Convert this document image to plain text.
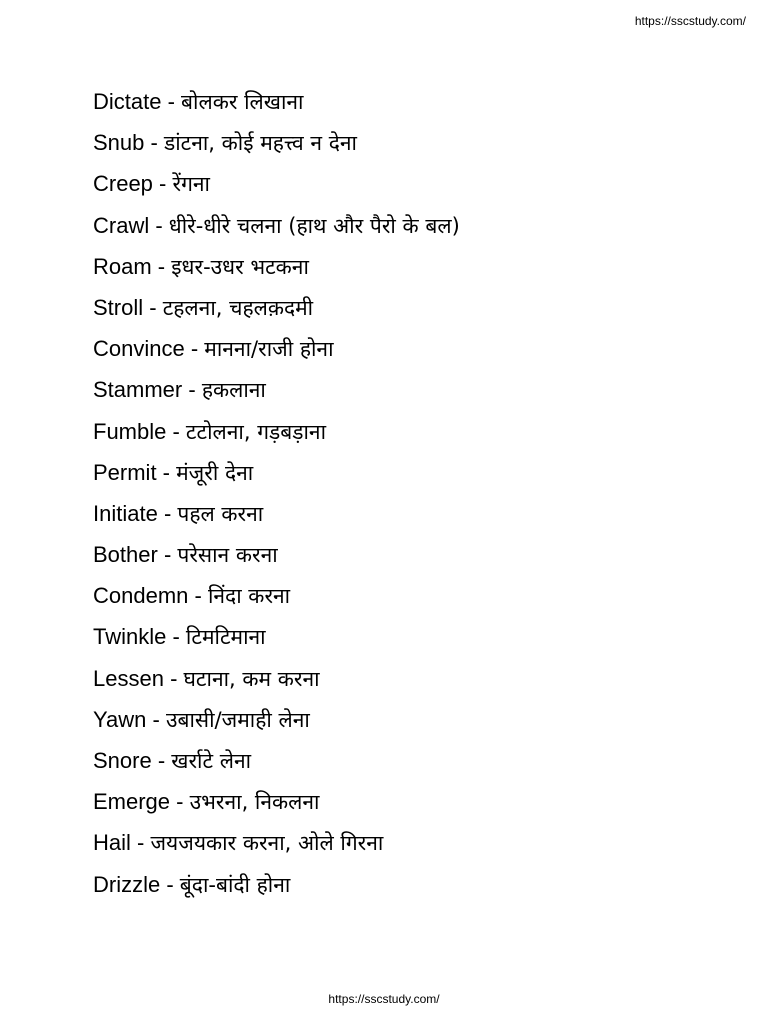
https://sscstudy.com/
Dictate - बोलकर लिखाना
Snub - डांटना, कोई महत्त्व न देना
Creep - रेंगना
Crawl - धीरे-धीरे चलना (हाथ और पैरो के बल)
Roam - इधर-उधर भटकना
Stroll - टहलना, चहलक़दमी
Convince - मानना/राजी होना
Stammer - हकलाना
Fumble - टटोलना, गड़बड़ाना
Permit - मंजूरी देना
Initiate - पहल करना
Bother - परेसान करना
Condemn - निंदा करना
Twinkle - टिमटिमाना
Lessen - घटाना, कम करना
Yawn - उबासी/जमाही लेना
Snore - खर्राटे लेना
Emerge - उभरना, निकलना
Hail - जयजयकार करना, ओले गिरना
Drizzle - बूंदा-बांदी होना
https://sscstudy.com/
